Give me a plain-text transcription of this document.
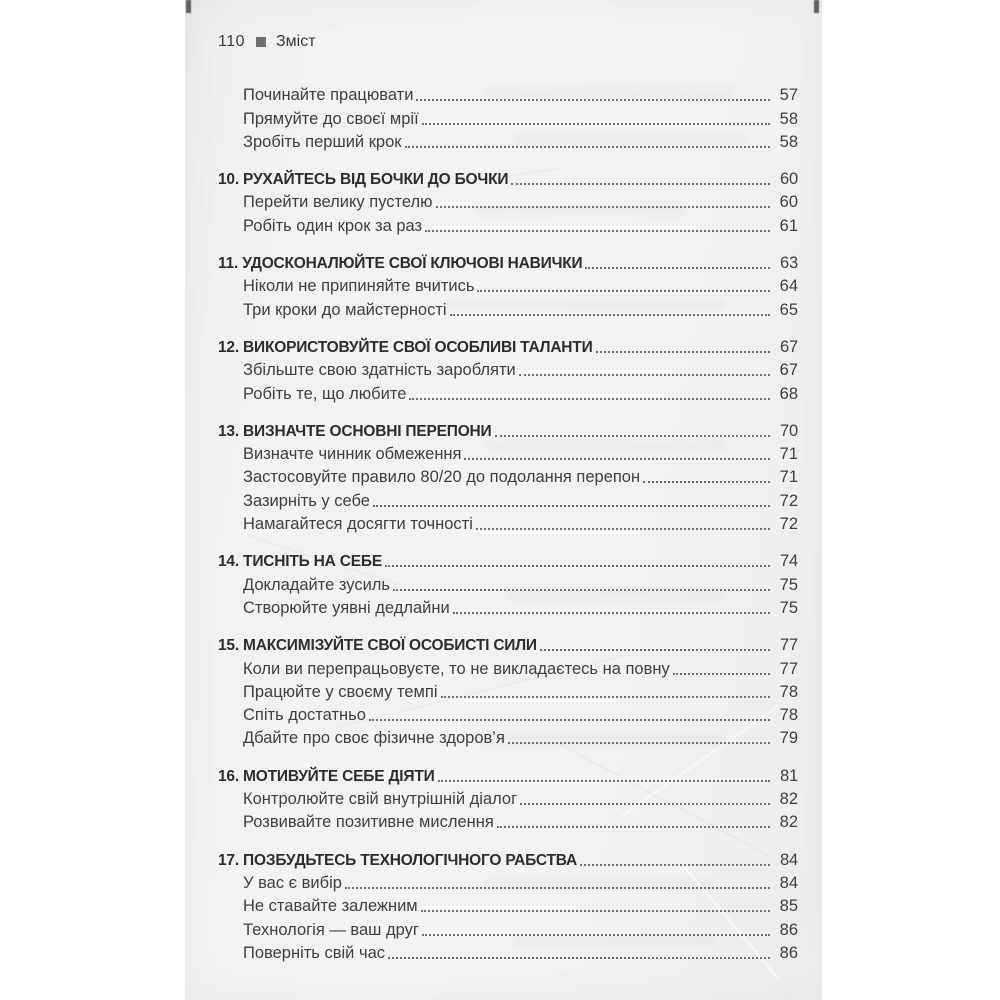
110 Зміст
Починайте працювати	57
Прямуйте до своєї мрії	58
Зробіть перший крок	58
10. РУХАЙТЕСЬ ВІД БОЧКИ ДО БОЧКИ	60
Перейти велику пустелю	60
Робіть один крок за раз	61
11. УДОСКОНАЛЮЙТЕ СВОЇ КЛЮЧОВІ НАВИЧКИ	63
Ніколи не припиняйте вчитись	64
Три кроки до майстерності	65
12. ВИКОРИСТОВУЙТЕ СВОЇ ОСОБЛИВІ ТАЛАНТИ	67
Збільште свою здатність заробляти	67
Робіть те, що любите	68
13. ВИЗНАЧТЕ ОСНОВНІ ПЕРЕПОНИ	70
Визначте чинник обмеження	71
Застосовуйте правило 80/20 до подолання перепон	71
Зазирніть у себе	72
Намагайтеся досягти точності	72
14. ТИСНІТЬ НА СЕБЕ	74
Докладайте зусиль	75
Створюйте уявні дедлайни	75
15. МАКСИМІЗУЙТЕ СВОЇ ОСОБИСТІ СИЛИ	77
Коли ви перепрацьовуєте, то не викладаєтесь на повну	77
Працюйте у своєму темпі	78
Спіть достатньо	78
Дбайте про своє фізичне здоров’я	79
16. МОТИВУЙТЕ СЕБЕ ДІЯТИ	81
Контролюйте свій внутрішній діалог	82
Розвивайте позитивне мислення	82
17. ПОЗБУДЬТЕСЬ ТЕХНОЛОГІЧНОГО РАБСТВА	84
У вас є вибір	84
Не ставайте залежним	85
Технологія — ваш друг	86
Поверніть свій час	86
